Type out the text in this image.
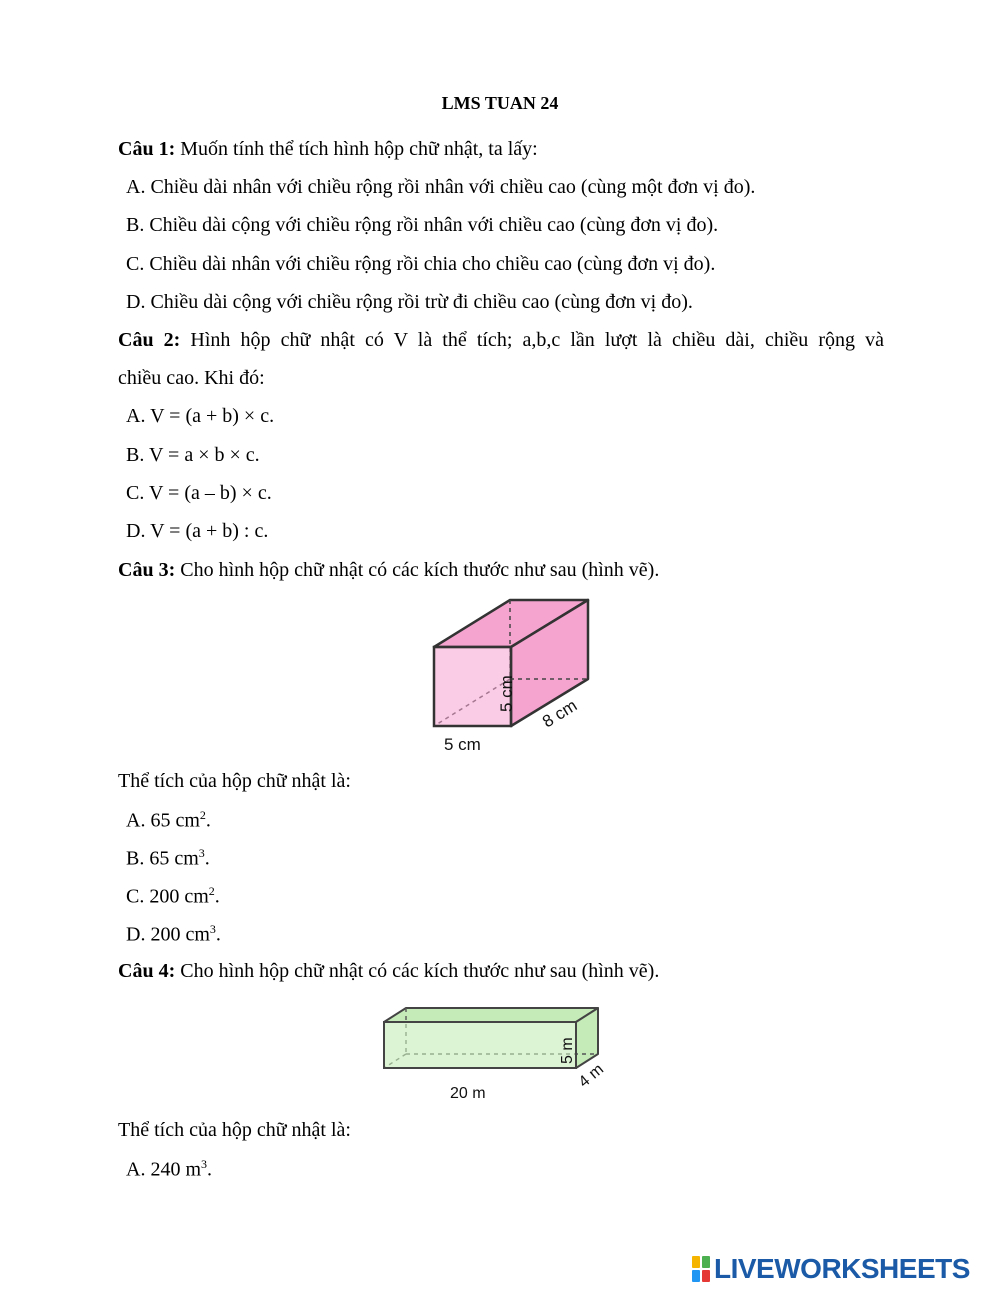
LMS TUAN 24
Câu 1: Muốn tính thể tích hình hộp chữ nhật, ta lấy:
A. Chiều dài nhân với chiều rộng rồi nhân với chiều cao (cùng một đơn vị đo).
B. Chiều dài cộng với chiều rộng rồi nhân với chiều cao (cùng đơn vị đo).
C. Chiều dài nhân với chiều rộng rồi chia cho chiều cao (cùng đơn vị đo).
D. Chiều dài cộng với chiều rộng rồi trừ đi chiều cao (cùng đơn vị đo).
Câu 2: Hình hộp chữ nhật có V là thể tích; a,b,c lần lượt là chiều dài, chiều rộng và
chiều cao. Khi đó:
A. V = (a + b) × c.
B. V = a × b × c.
C. V = (a – b) × c.
D. V = (a + b) : c.
Câu 3: Cho hình hộp chữ nhật có các kích thước như sau (hình vẽ).
5 cm
8 cm
5 cm
Thể tích của hộp chữ nhật là:
A. 65 $cm^2$.
B. 65 $cm^3$.
C. 200 $cm^2$.
D. 200 $cm^3$.
Câu 4: Cho hình hộp chữ nhật có các kích thước như sau (hình vẽ).
5 m
4 m
20 m
Thể tích của hộp chữ nhật là:
A. 240 $m^3$.
LIVEWORKSHEETS
